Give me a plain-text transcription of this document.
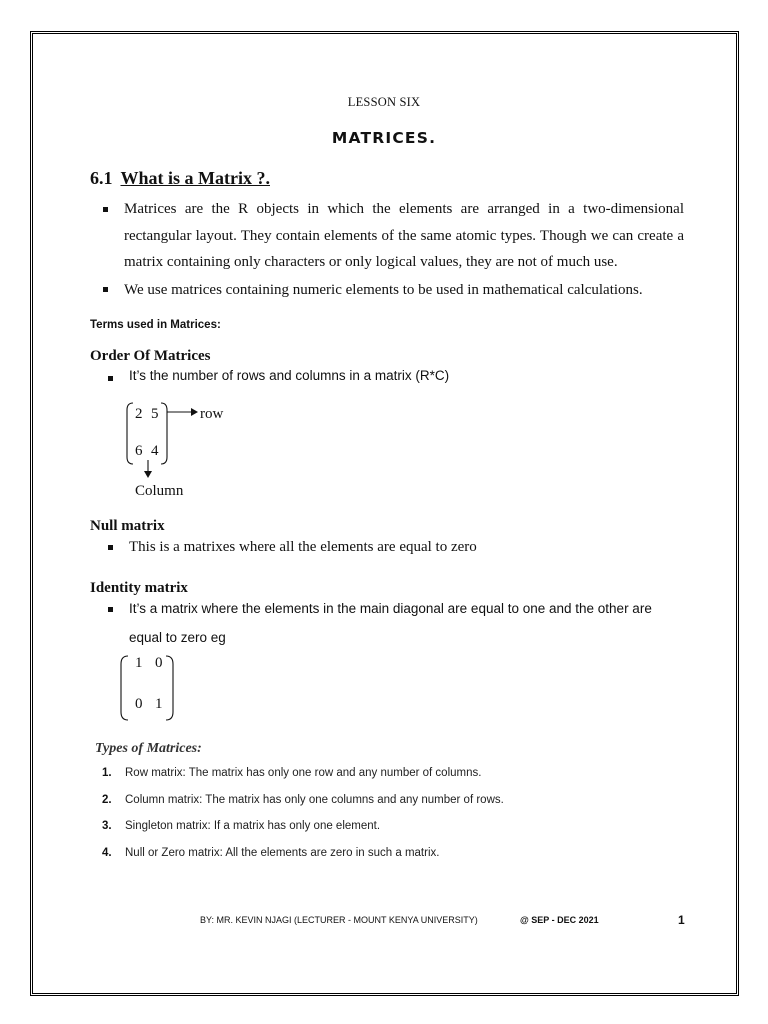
LESSON SIX
MATRICES.
6.1 What is a Matrix ?.
Matrices are the R objects in which the elements are arranged in a two-dimensional rectangular layout. They contain elements of the same atomic types. Though we can create a matrix containing only characters or only logical values, they are not of much use.
We use matrices containing numeric elements to be used in mathematical calculations.
Terms used in Matrices:
Order Of Matrices
It’s the number of rows and columns in a matrix (R*C)
2 5
6 4
row
Column
Null matrix
This is a matrixes where all the elements are equal to zero
Identity matrix
It’s a matrix where the elements in the main diagonal are equal to one and the other are
equal to zero eg
1 0
0 1
Types of Matrices:
1. Row matrix: The matrix has only one row and any number of columns.
2. Column matrix: The matrix has only one columns and any number of rows.
3. Singleton matrix: If a matrix has only one element.
4. Null or Zero matrix: All the elements are zero in such a matrix.
BY: MR. KEVIN NJAGI (LECTURER - MOUNT KENYA UNIVERSITY)	@ SEP - DEC 2021	1
